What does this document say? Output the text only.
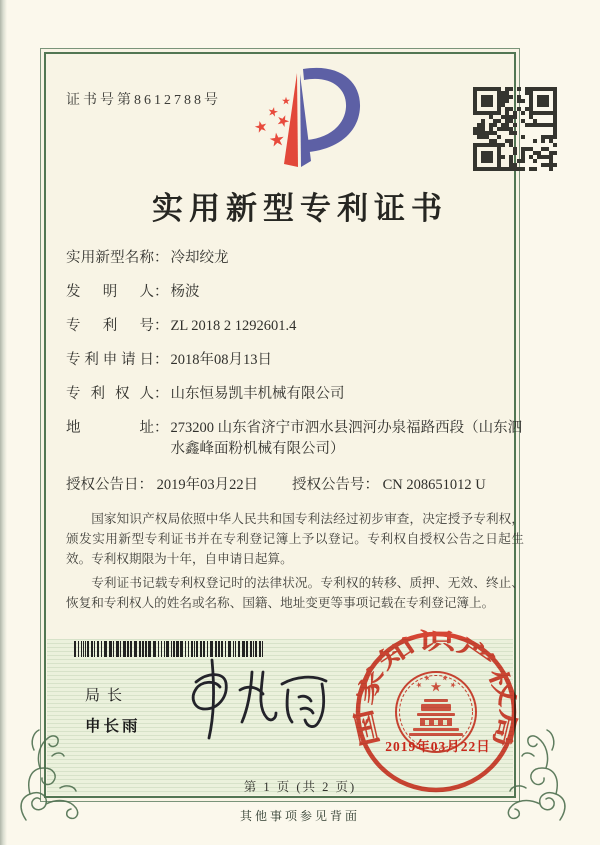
证书号第8612788号
实用新型专利证书
实用新型名称 ： 冷却绞龙
发明人 ： 杨波
专利号 ： ZL 2018 2 1292601.4
专利申请日 ： 2018年08月13日
专利权人 ： 山东恒易凯丰机械有限公司
地址 ： 273200 山东省济宁市泗水县泗河办泉福路西段（山东泗水鑫峰面粉机械有限公司）
授权公告日： 2019年03月22日	授权公告号： CN 208651012 U

国家知识产权局依照中华人民共和国专利法经过初步审查，决定授予专利权，颁发实用新型专利证书并在专利登记簿上予以登记。专利权自授权公告之日起生效。专利权期限为十年，自申请日起算。

专利证书记载专利权登记时的法律状况。专利权的转移、质押、无效、终止、恢复和专利权人的姓名或名称、国籍、地址变更等事项记载在专利登记簿上。

局长
申长雨	国家知识产权局
2019年03月22日
第 1 页 (共 2 页)
其他事项参见背面
